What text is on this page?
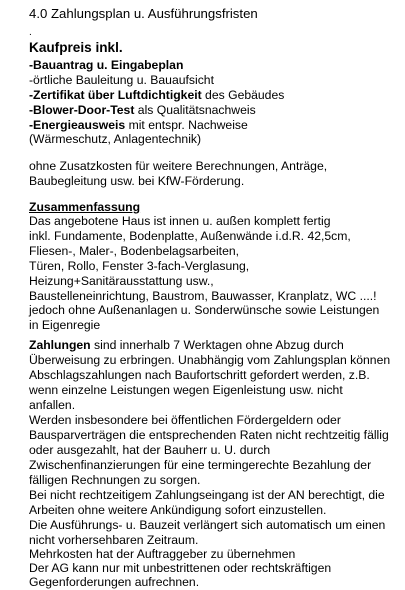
4.0 Zahlungsplan u. Ausführungsfristen
.
Kaufpreis inkl.
-Bauantrag u. Eingabeplan
-örtliche Bauleitung u. Bauaufsicht
-Zertifikat über Luftdichtigkeit des Gebäudes
-Blower-Door-Test als Qualitätsnachweis
-Energieausweis mit entspr. Nachweise
(Wärmeschutz, Anlagentechnik)
ohne Zusatzkosten für weitere Berechnungen, Anträge,
Baubegleitung usw. bei KfW-Förderung.
Zusammenfassung
Das angebotene Haus ist innen u. außen komplett fertig
inkl. Fundamente, Bodenplatte, Außenwände i.d.R. 42,5cm,
Fliesen-, Maler-, Bodenbelagsarbeiten,
Türen, Rollo, Fenster 3-fach-Verglasung,
Heizung+Sanitärausstattung usw.,
Baustelleneinrichtung, Baustrom, Bauwasser, Kranplatz, WC ....!
jedoch ohne Außenanlagen u. Sonderwünsche sowie Leistungen
in Eigenregie
Zahlungen sind innerhalb 7 Werktagen ohne Abzug durch
Überweisung zu erbringen. Unabhängig vom Zahlungsplan können
Abschlagszahlungen nach Baufortschritt gefordert werden, z.B.
wenn einzelne Leistungen wegen Eigenleistung usw. nicht
anfallen.
Werden insbesondere bei öffentlichen Fördergeldern oder
Bausparverträgen die entsprechenden Raten nicht rechtzeitig fällig
oder ausgezahlt, hat der Bauherr u. U. durch
Zwischenfinanzierungen für eine termingerechte Bezahlung der
fälligen Rechnungen zu sorgen.
Bei nicht rechtzeitigem Zahlungseingang ist der AN berechtigt, die
Arbeiten ohne weitere Ankündigung sofort einzustellen.
Die Ausführungs- u. Bauzeit verlängert sich automatisch um einen
nicht vorhersehbaren Zeitraum.
Mehrkosten hat der Auftraggeber zu übernehmen
Der AG kann nur mit unbestrittenen oder rechtskräftigen
Gegenforderungen aufrechnen.
